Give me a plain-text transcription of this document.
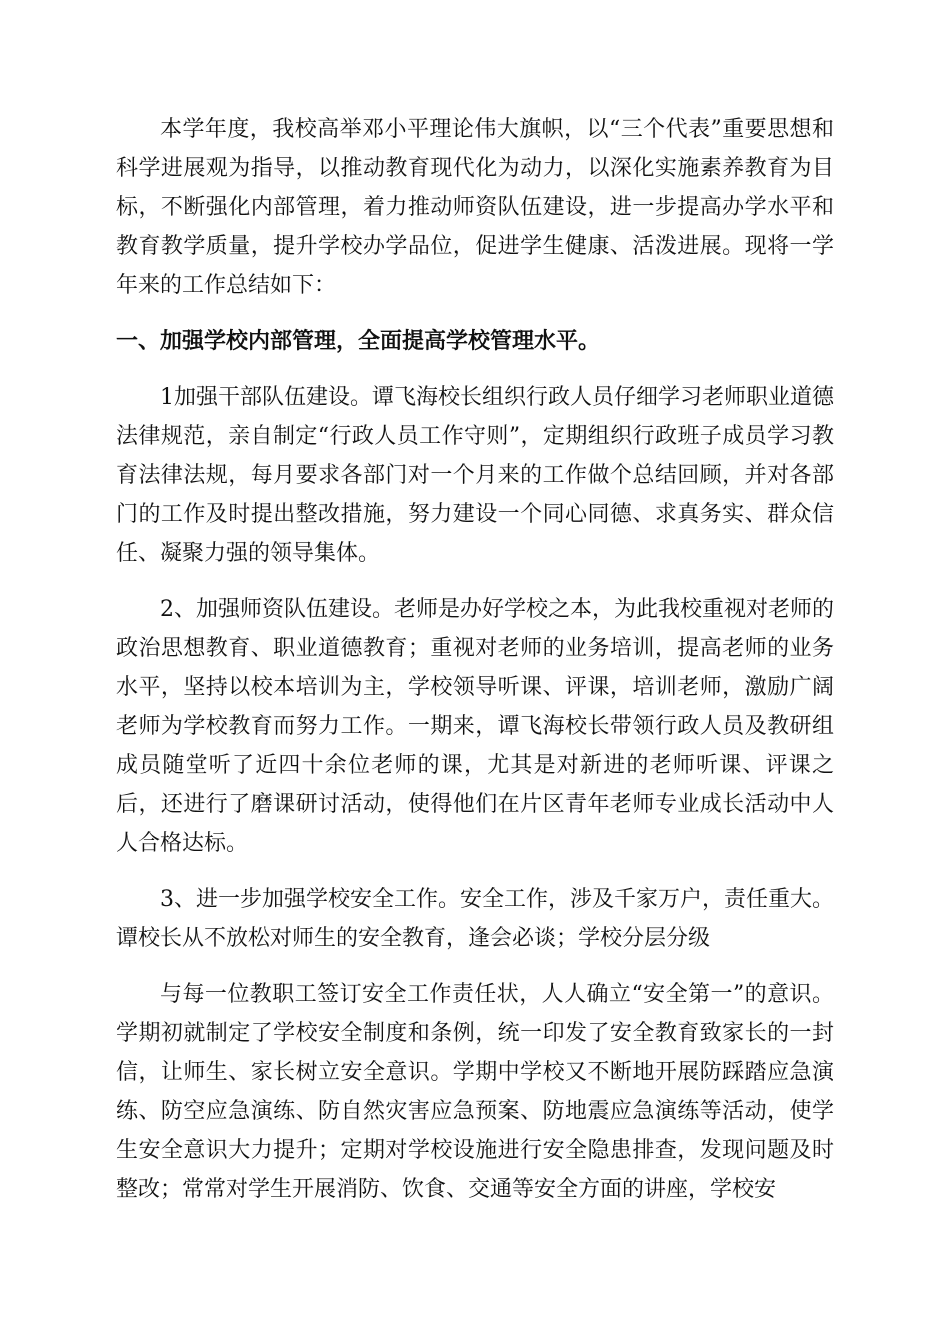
本学年度，我校高举邓小平理论伟大旗帜，以“三个代表”重要思想和科学进展观为指导，以推动教育现代化为动力，以深化实施素养教育为目标，不断强化内部管理，着力推动师资队伍建设，进一步提高办学水平和教育教学质量，提升学校办学品位，促进学生健康、活泼进展。现将一学年来的工作总结如下：

一、加强学校内部管理，全面提高学校管理水平。

1加强干部队伍建设。谭飞海校长组织行政人员仔细学习老师职业道德法律规范，亲自制定“行政人员工作守则”，定期组织行政班子成员学习教育法律法规，每月要求各部门对一个月来的工作做个总结回顾，并对各部门的工作及时提出整改措施，努力建设一个同心同德、求真务实、群众信任、凝聚力强的领导集体。

2、加强师资队伍建设。老师是办好学校之本，为此我校重视对老师的政治思想教育、职业道德教育；重视对老师的业务培训，提高老师的业务水平，坚持以校本培训为主，学校领导听课、评课，培训老师，激励广阔老师为学校教育而努力工作。一期来，谭飞海校长带领行政人员及教研组成员随堂听了近四十余位老师的课，尤其是对新进的老师听课、评课之后，还进行了磨课研讨活动，使得他们在片区青年老师专业成长活动中人人合格达标。

3、进一步加强学校安全工作。安全工作，涉及千家万户，责任重大。谭校长从不放松对师生的安全教育，逢会必谈；学校分层分级

与每一位教职工签订安全工作责任状，人人确立“安全第一”的意识。学期初就制定了学校安全制度和条例，统一印发了安全教育致家长的一封信，让师生、家长树立安全意识。学期中学校又不断地开展防踩踏应急演练、防空应急演练、防自然灾害应急预案、防地震应急演练等活动，使学生安全意识大力提升；定期对学校设施进行安全隐患排查，发现问题及时整改；常常对学生开展消防、饮食、交通等安全方面的讲座，学校安
